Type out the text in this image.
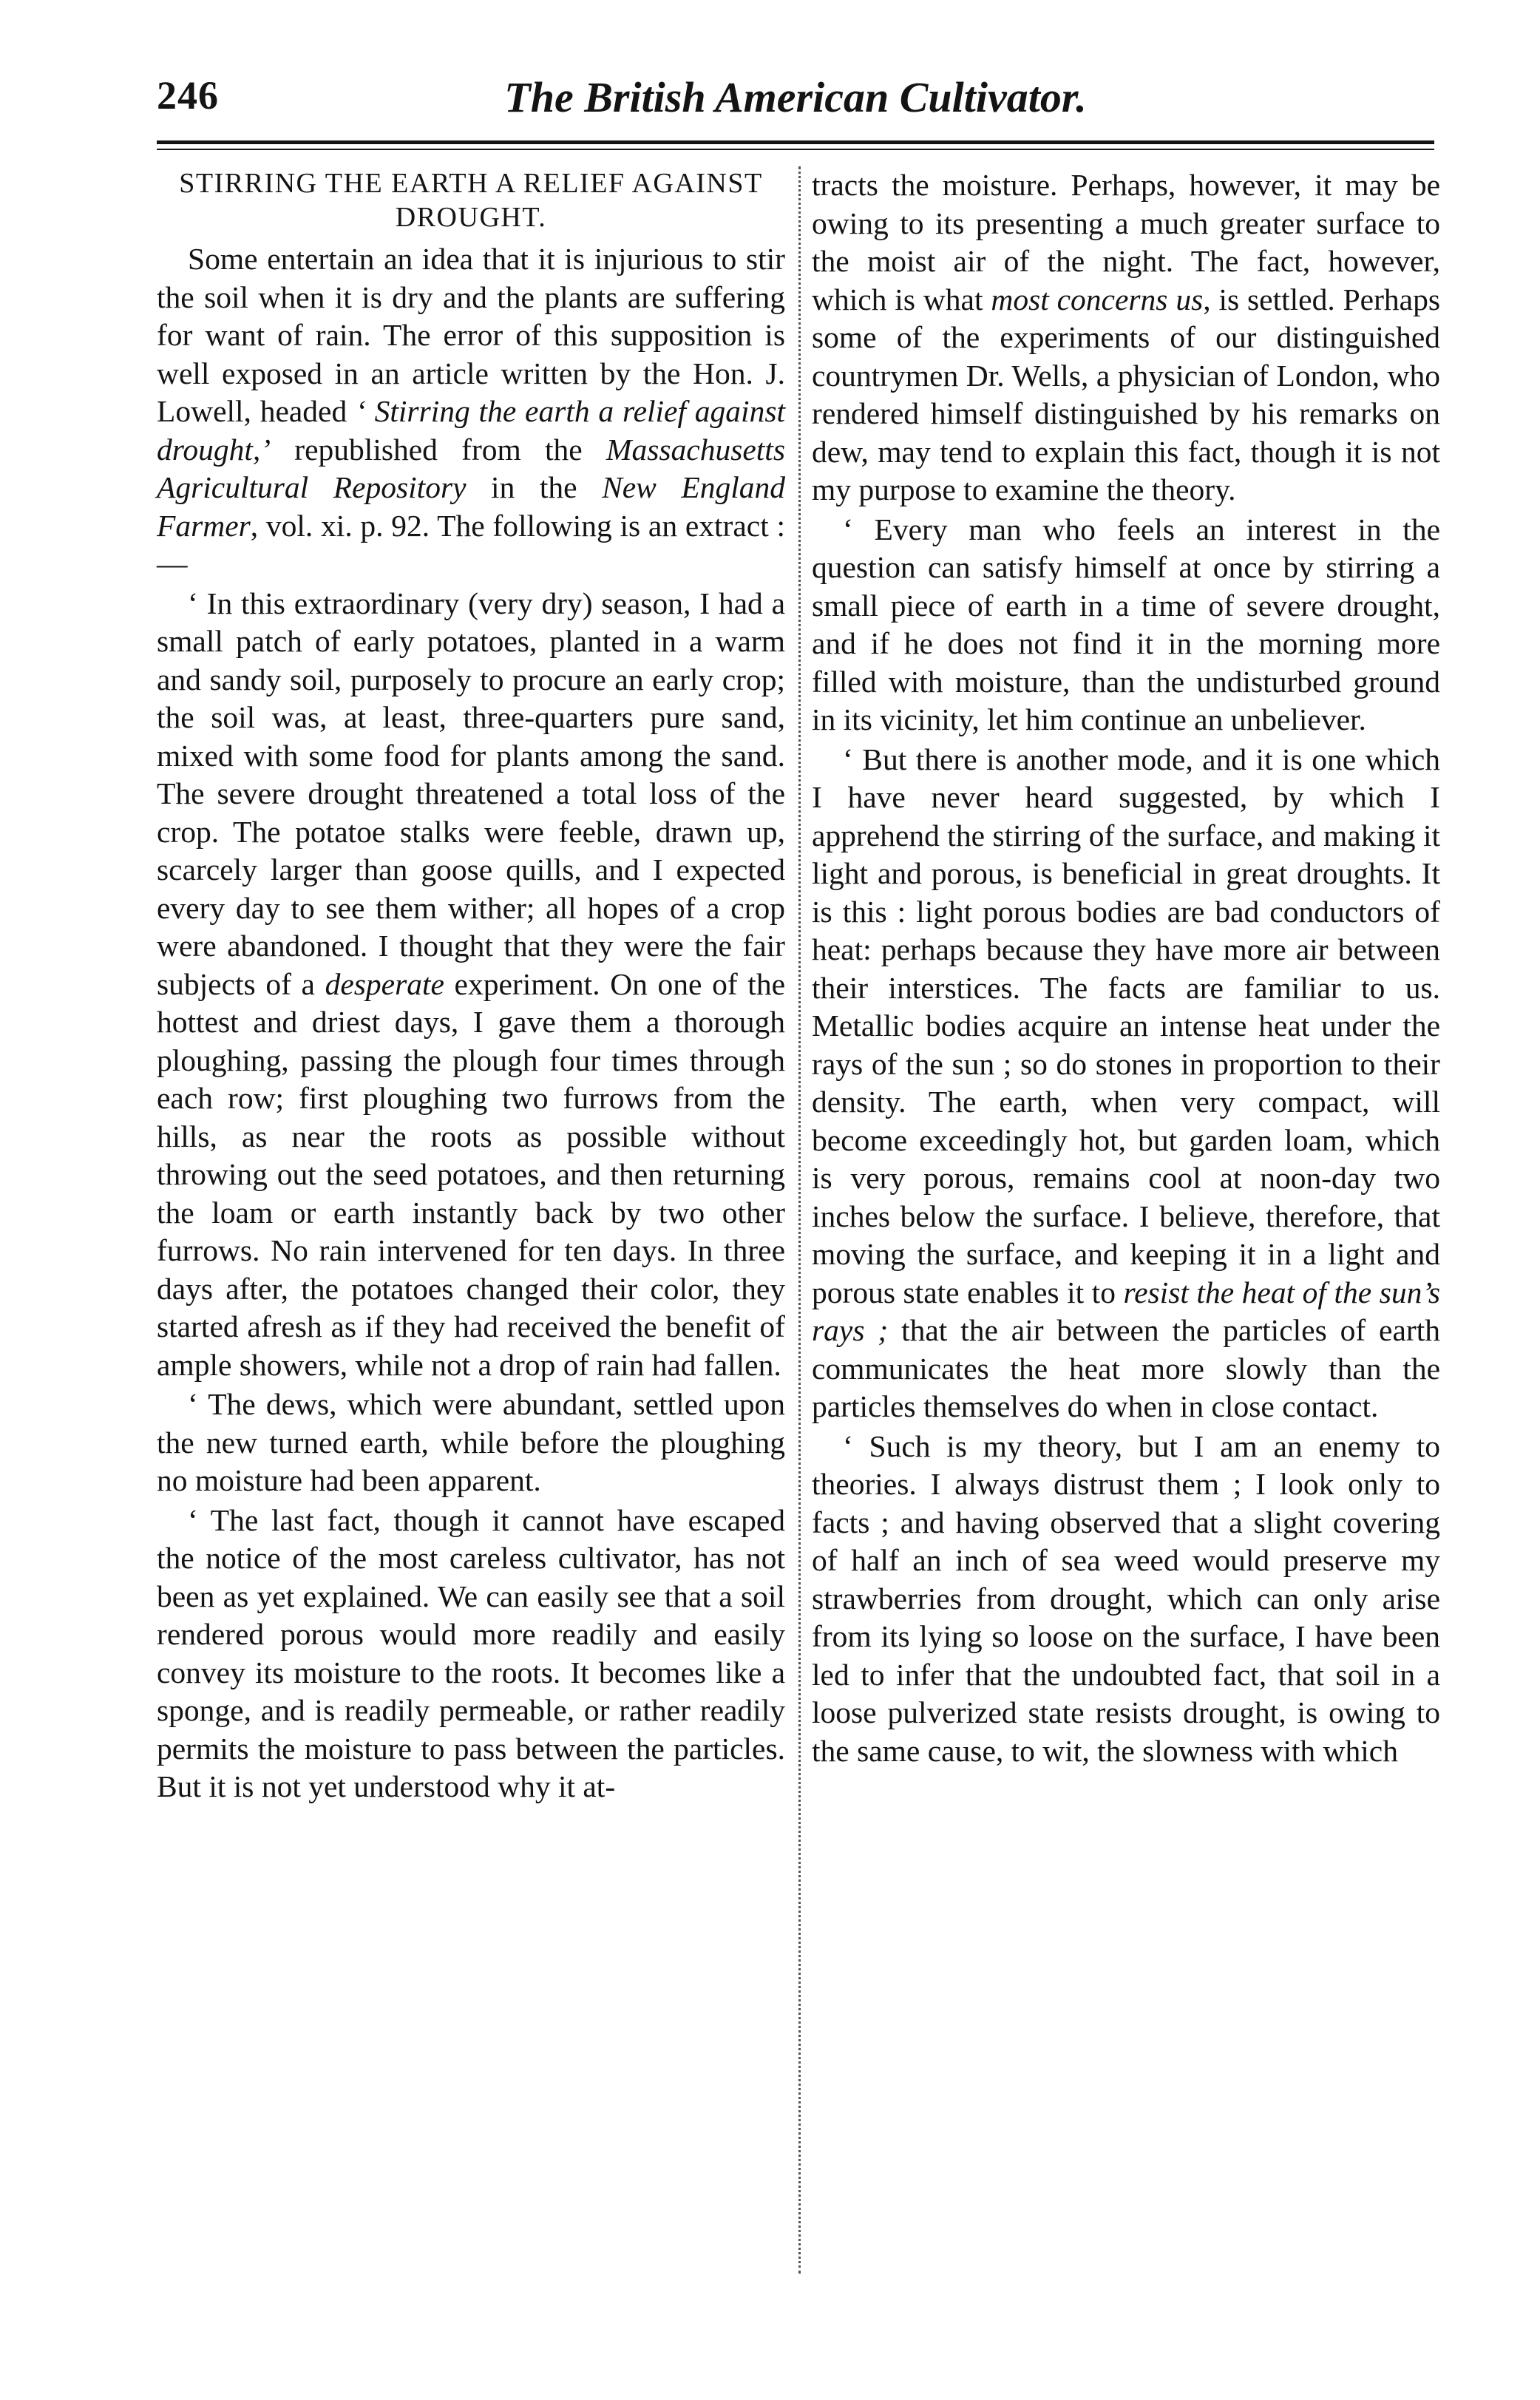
246	The British American Cultivator.
STIRRING THE EARTH A RELIEF AGAINST DROUGHT.

Some entertain an idea that it is injurious to stir the soil when it is dry and the plants are suffering for want of rain. The error of this supposition is well exposed in an article written by the Hon. J. Lowell, headed ‘ Stirring the earth a relief against drought,’ republished from the Massachusetts Agricultural Repository in the New England Farmer, vol. xi. p. 92. The following is an extract :—

‘ In this extraordinary (very dry) season, I had a small patch of early potatoes, planted in a warm and sandy soil, purposely to procure an early crop; the soil was, at least, three-quarters pure sand, mixed with some food for plants among the sand. The severe drought threatened a total loss of the crop. The potatoe stalks were feeble, drawn up, scarcely larger than goose quills, and I expected every day to see them wither; all hopes of a crop were abandoned. I thought that they were the fair subjects of a desperate experiment. On one of the hottest and driest days, I gave them a thorough ploughing, passing the plough four times through each row; first ploughing two furrows from the hills, as near the roots as possible without throwing out the seed potatoes, and then returning the loam or earth instantly back by two other furrows. No rain intervened for ten days. In three days after, the potatoes changed their color, they started afresh as if they had received the benefit of ample showers, while not a drop of rain had fallen.

‘ The dews, which were abundant, settled upon the new turned earth, while before the ploughing no moisture had been apparent.

‘ The last fact, though it cannot have escaped the notice of the most careless cultivator, has not been as yet explained. We can easily see that a soil rendered porous would more readily and easily convey its moisture to the roots. It becomes like a sponge, and is readily permeable, or rather readily permits the moisture to pass between the particles. But it is not yet understood why it at-

tracts the moisture. Perhaps, however, it may be owing to its presenting a much greater surface to the moist air of the night. The fact, however, which is what most concerns us, is settled. Perhaps some of the experiments of our distinguished countrymen Dr. Wells, a physician of London, who rendered himself distinguished by his remarks on dew, may tend to explain this fact, though it is not my purpose to examine the theory.

‘ Every man who feels an interest in the question can satisfy himself at once by stirring a small piece of earth in a time of severe drought, and if he does not find it in the morning more filled with moisture, than the undisturbed ground in its vicinity, let him continue an unbeliever.

‘ But there is another mode, and it is one which I have never heard suggested, by which I apprehend the stirring of the surface, and making it light and porous, is beneficial in great droughts. It is this : light porous bodies are bad conductors of heat: perhaps because they have more air between their interstices. The facts are familiar to us. Metallic bodies acquire an intense heat under the rays of the sun ; so do stones in proportion to their density. The earth, when very compact, will become exceedingly hot, but garden loam, which is very porous, remains cool at noon-day two inches below the surface. I believe, therefore, that moving the surface, and keeping it in a light and porous state enables it to resist the heat of the sun’s rays ; that the air between the particles of earth communicates the heat more slowly than the particles themselves do when in close contact.

‘ Such is my theory, but I am an enemy to theories. I always distrust them ; I look only to facts ; and having observed that a slight covering of half an inch of sea weed would preserve my strawberries from drought, which can only arise from its lying so loose on the surface, I have been led to infer that the undoubted fact, that soil in a loose pulverized state resists drought, is owing to the same cause, to wit, the slowness with which
